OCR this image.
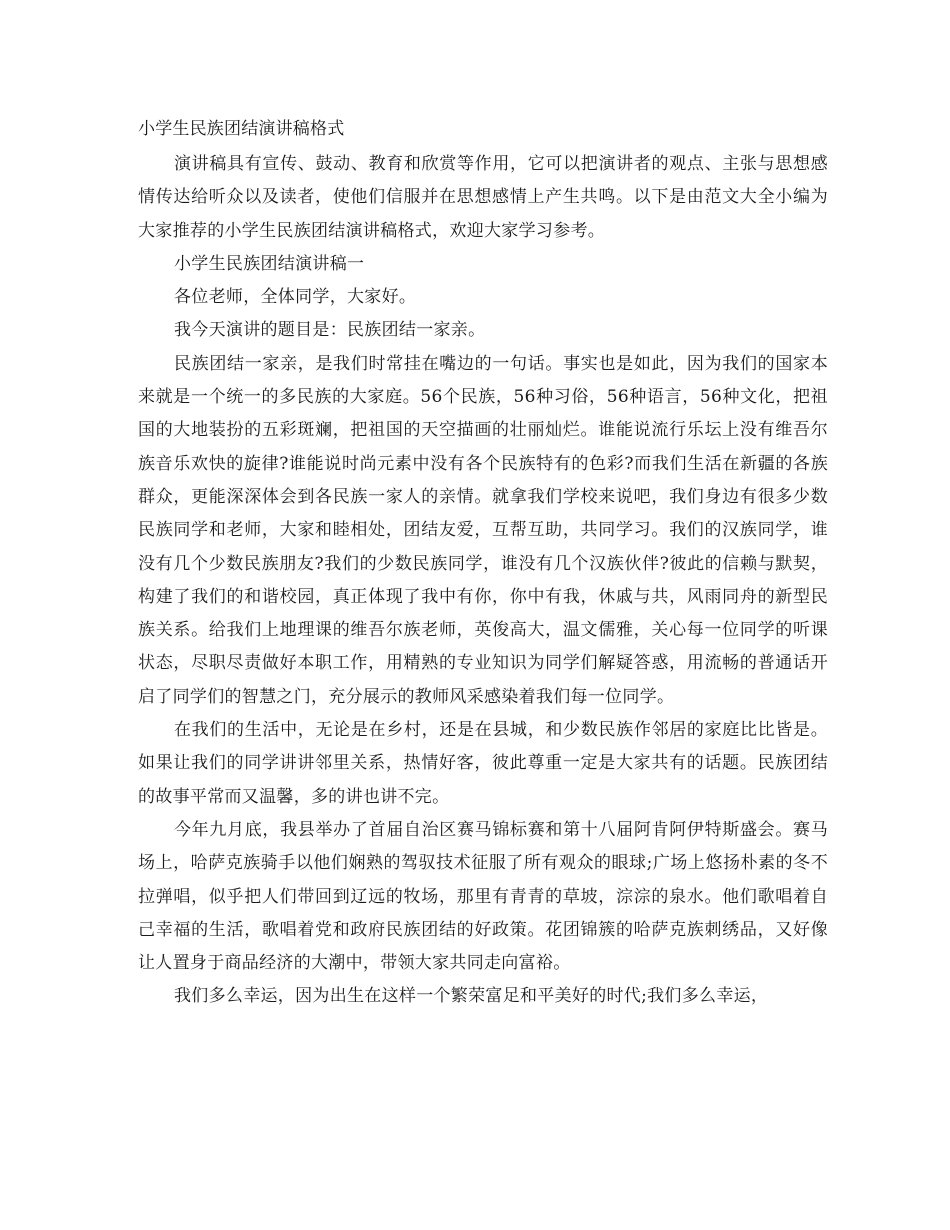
小学生民族团结演讲稿格式

演讲稿具有宣传、鼓动、教育和欣赏等作用，它可以把演讲者的观点、主张与思想感情传达给听众以及读者，使他们信服并在思想感情上产生共鸣。以下是由范文大全小编为大家推荐的小学生民族团结演讲稿格式，欢迎大家学习参考。

小学生民族团结演讲稿一

各位老师，全体同学，大家好。

我今天演讲的题目是：民族团结一家亲。

民族团结一家亲，是我们时常挂在嘴边的一句话。事实也是如此，因为我们的国家本来就是一个统一的多民族的大家庭。56个民族，56种习俗，56种语言，56种文化，把祖国的大地装扮的五彩斑斓，把祖国的天空描画的壮丽灿烂。谁能说流行乐坛上没有维吾尔族音乐欢快的旋律?谁能说时尚元素中没有各个民族特有的色彩?而我们生活在新疆的各族群众，更能深深体会到各民族一家人的亲情。就拿我们学校来说吧，我们身边有很多少数民族同学和老师，大家和睦相处，团结友爱，互帮互助，共同学习。我们的汉族同学，谁没有几个少数民族朋友?我们的少数民族同学，谁没有几个汉族伙伴?彼此的信赖与默契，构建了我们的和谐校园，真正体现了我中有你，你中有我，休戚与共，风雨同舟的新型民族关系。给我们上地理课的维吾尔族老师，英俊高大，温文儒雅，关心每一位同学的听课状态，尽职尽责做好本职工作，用精熟的专业知识为同学们解疑答惑，用流畅的普通话开启了同学们的智慧之门，充分展示的教师风采感染着我们每一位同学。

在我们的生活中，无论是在乡村，还是在县城，和少数民族作邻居的家庭比比皆是。如果让我们的同学讲讲邻里关系，热情好客，彼此尊重一定是大家共有的话题。民族团结的故事平常而又温馨，多的讲也讲不完。

今年九月底，我县举办了首届自治区赛马锦标赛和第十八届阿肯阿伊特斯盛会。赛马场上，哈萨克族骑手以他们娴熟的驾驭技术征服了所有观众的眼球;广场上悠扬朴素的冬不拉弹唱，似乎把人们带回到辽远的牧场，那里有青青的草坡，淙淙的泉水。他们歌唱着自己幸福的生活，歌唱着党和政府民族团结的好政策。花团锦簇的哈萨克族刺绣品，又好像让人置身于商品经济的大潮中，带领大家共同走向富裕。

我们多么幸运，因为出生在这样一个繁荣富足和平美好的时代;我们多么幸运，
